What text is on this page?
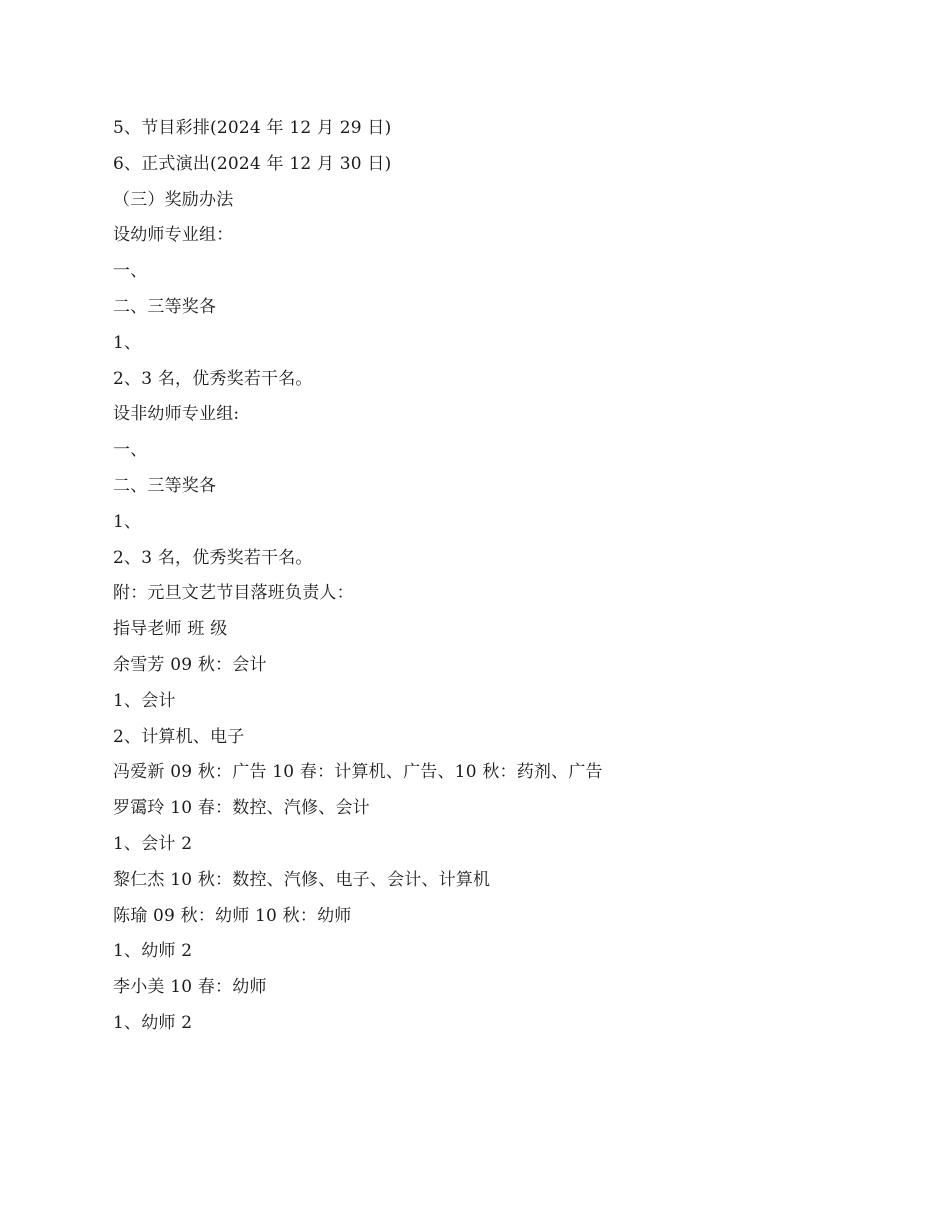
5、节目彩排(2024 年 12 月 29 日)
6、正式演出(2024 年 12 月 30 日)
（三）奖励办法
设幼师专业组：
一、
二、三等奖各
1、
2、3 名，优秀奖若干名。
设非幼师专业组:
一、
二、三等奖各
1、
2、3 名，优秀奖若干名。
附：元旦文艺节目落班负责人：
指导老师 班 级
余雪芳 09 秋：会计
1、会计
2、计算机、电子
冯爱新 09 秋：广告 10 春：计算机、广告、10 秋：药剂、广告
罗霭玲 10 春：数控、汽修、会计
1、会计 2
黎仁杰 10 秋：数控、汽修、电子、会计、计算机
陈瑜 09 秋：幼师 10 秋：幼师
1、幼师 2
李小美 10 春：幼师
1、幼师 2
